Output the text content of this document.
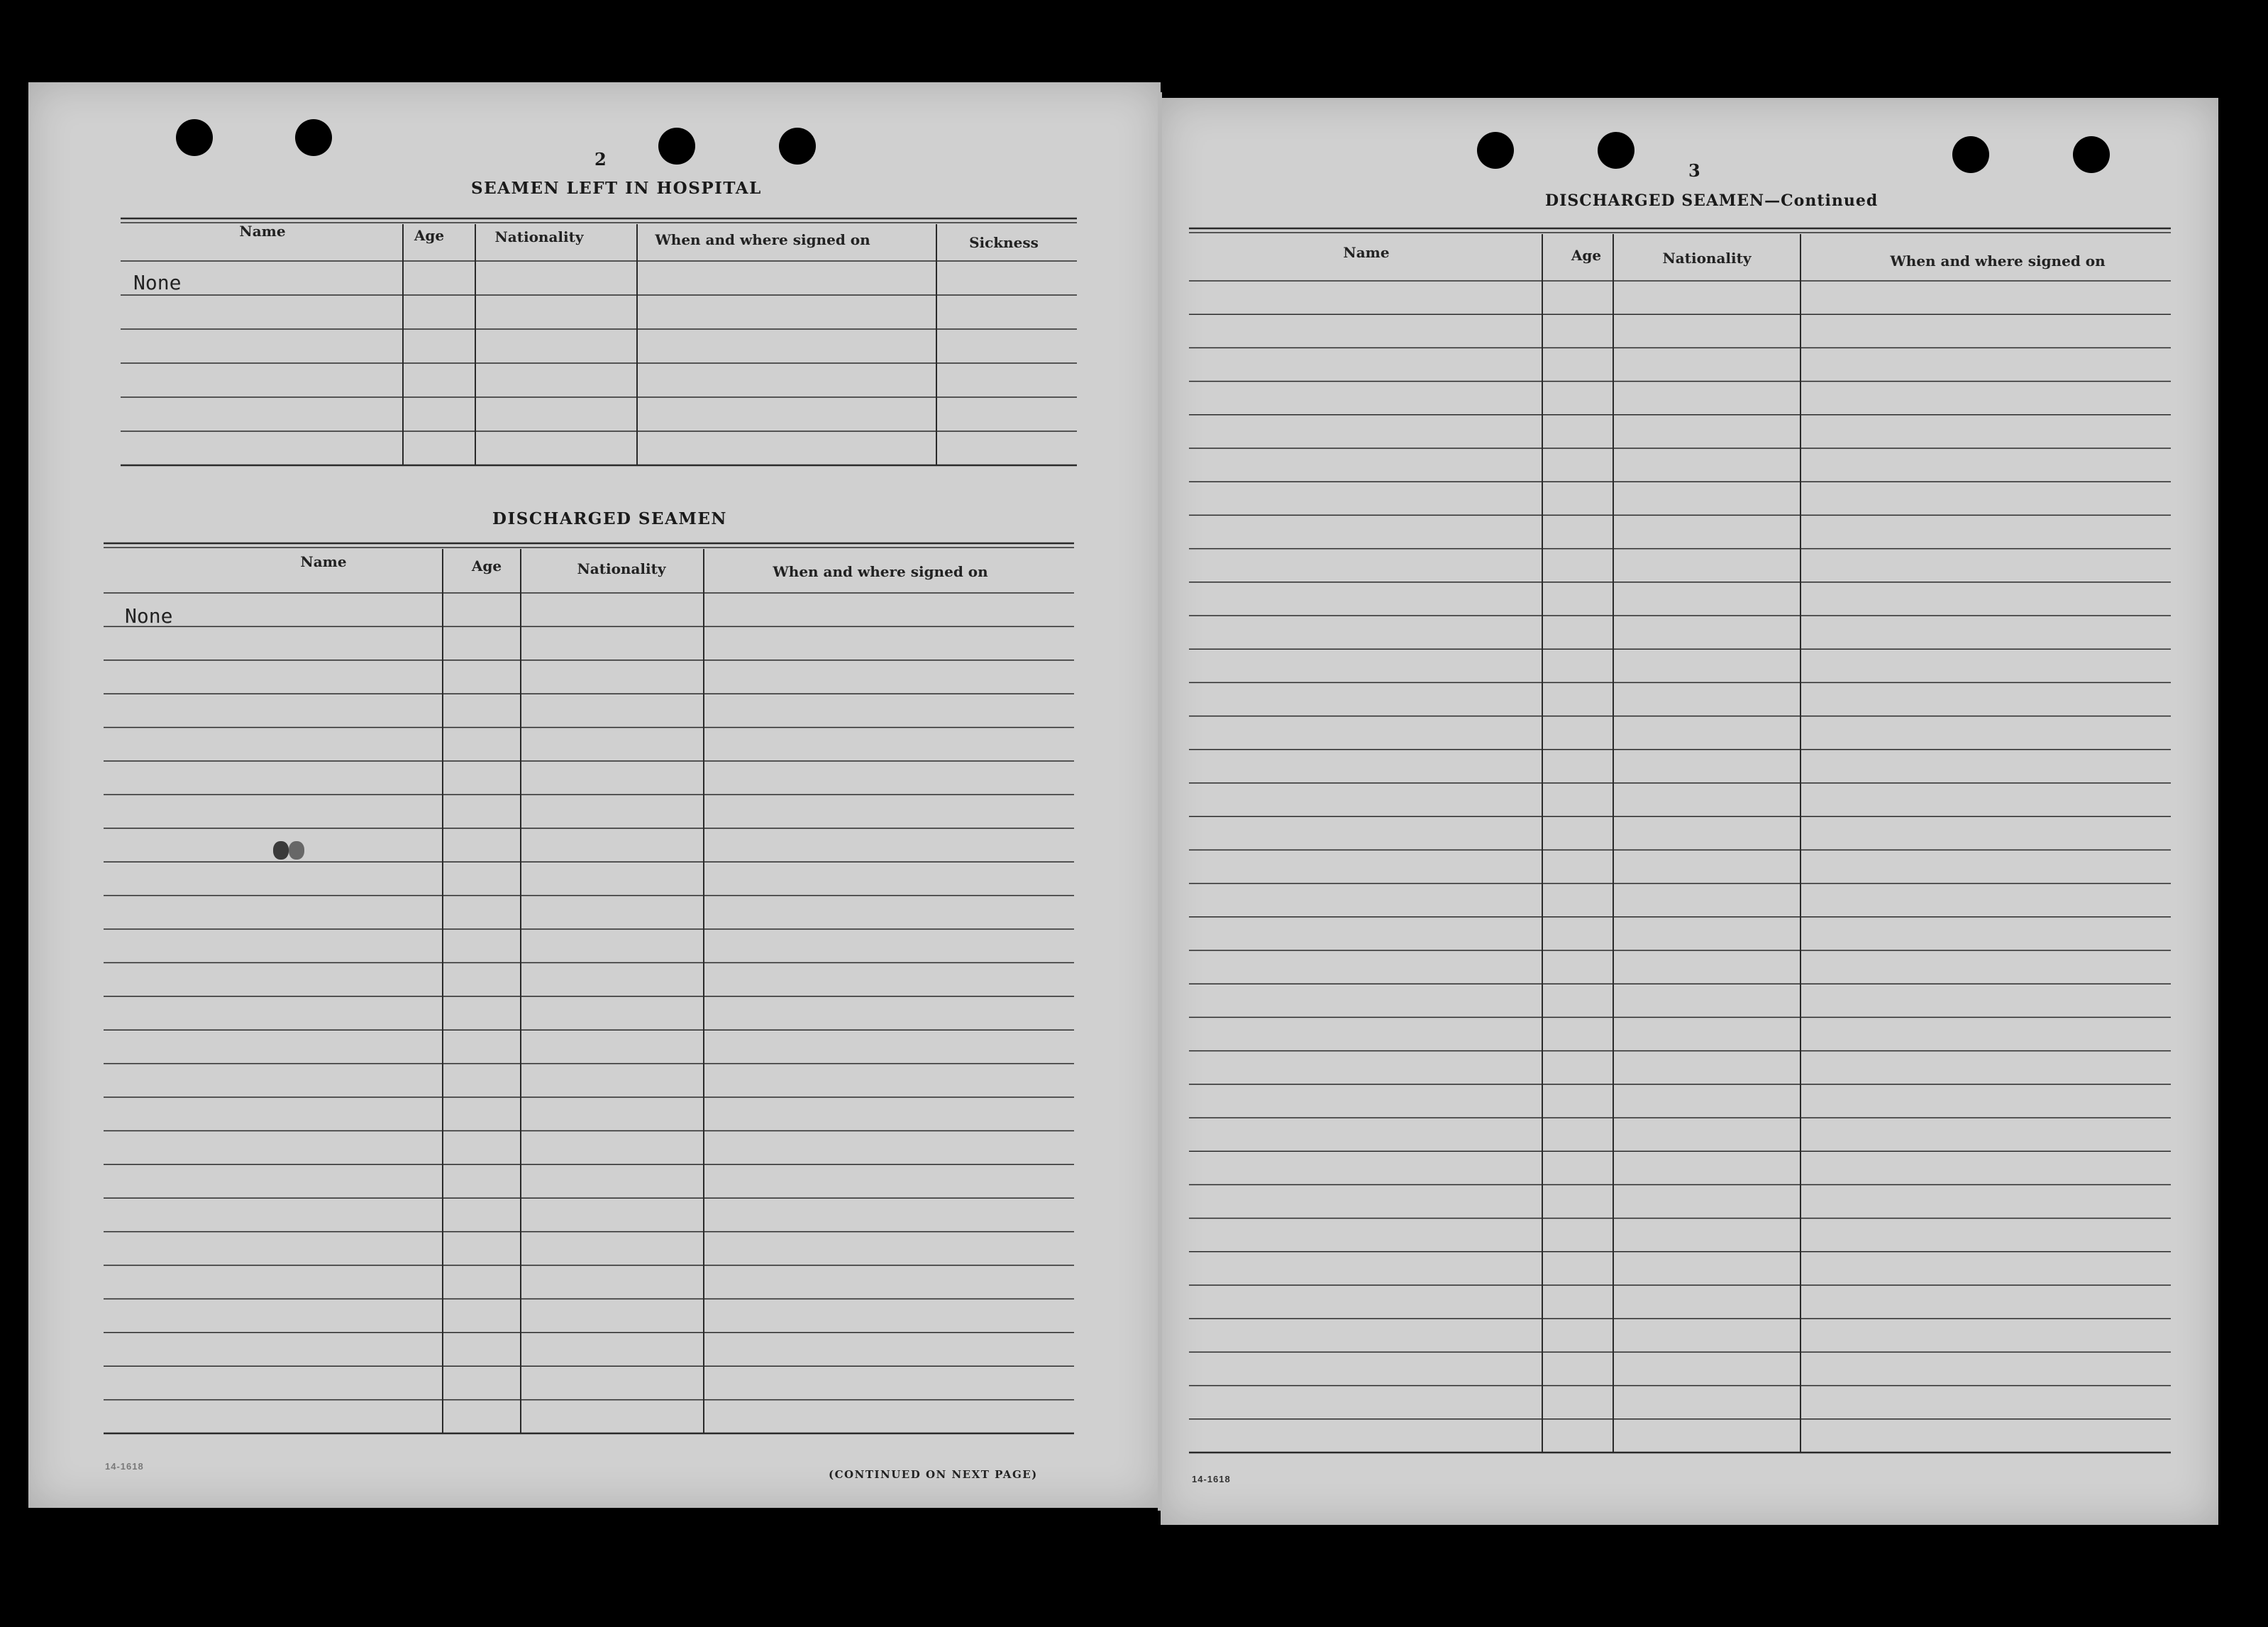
2
SEAMEN LEFT IN HOSPITAL
Name	Age	Nationality	When and where signed on	Sickness
None
DISCHARGED SEAMEN
Name	Age	Nationality	When and where signed on
None
14-1618
(CONTINUED ON NEXT PAGE)
3
DISCHARGED SEAMEN—Continued
Name	Age	Nationality	When and where signed on
14-1618
